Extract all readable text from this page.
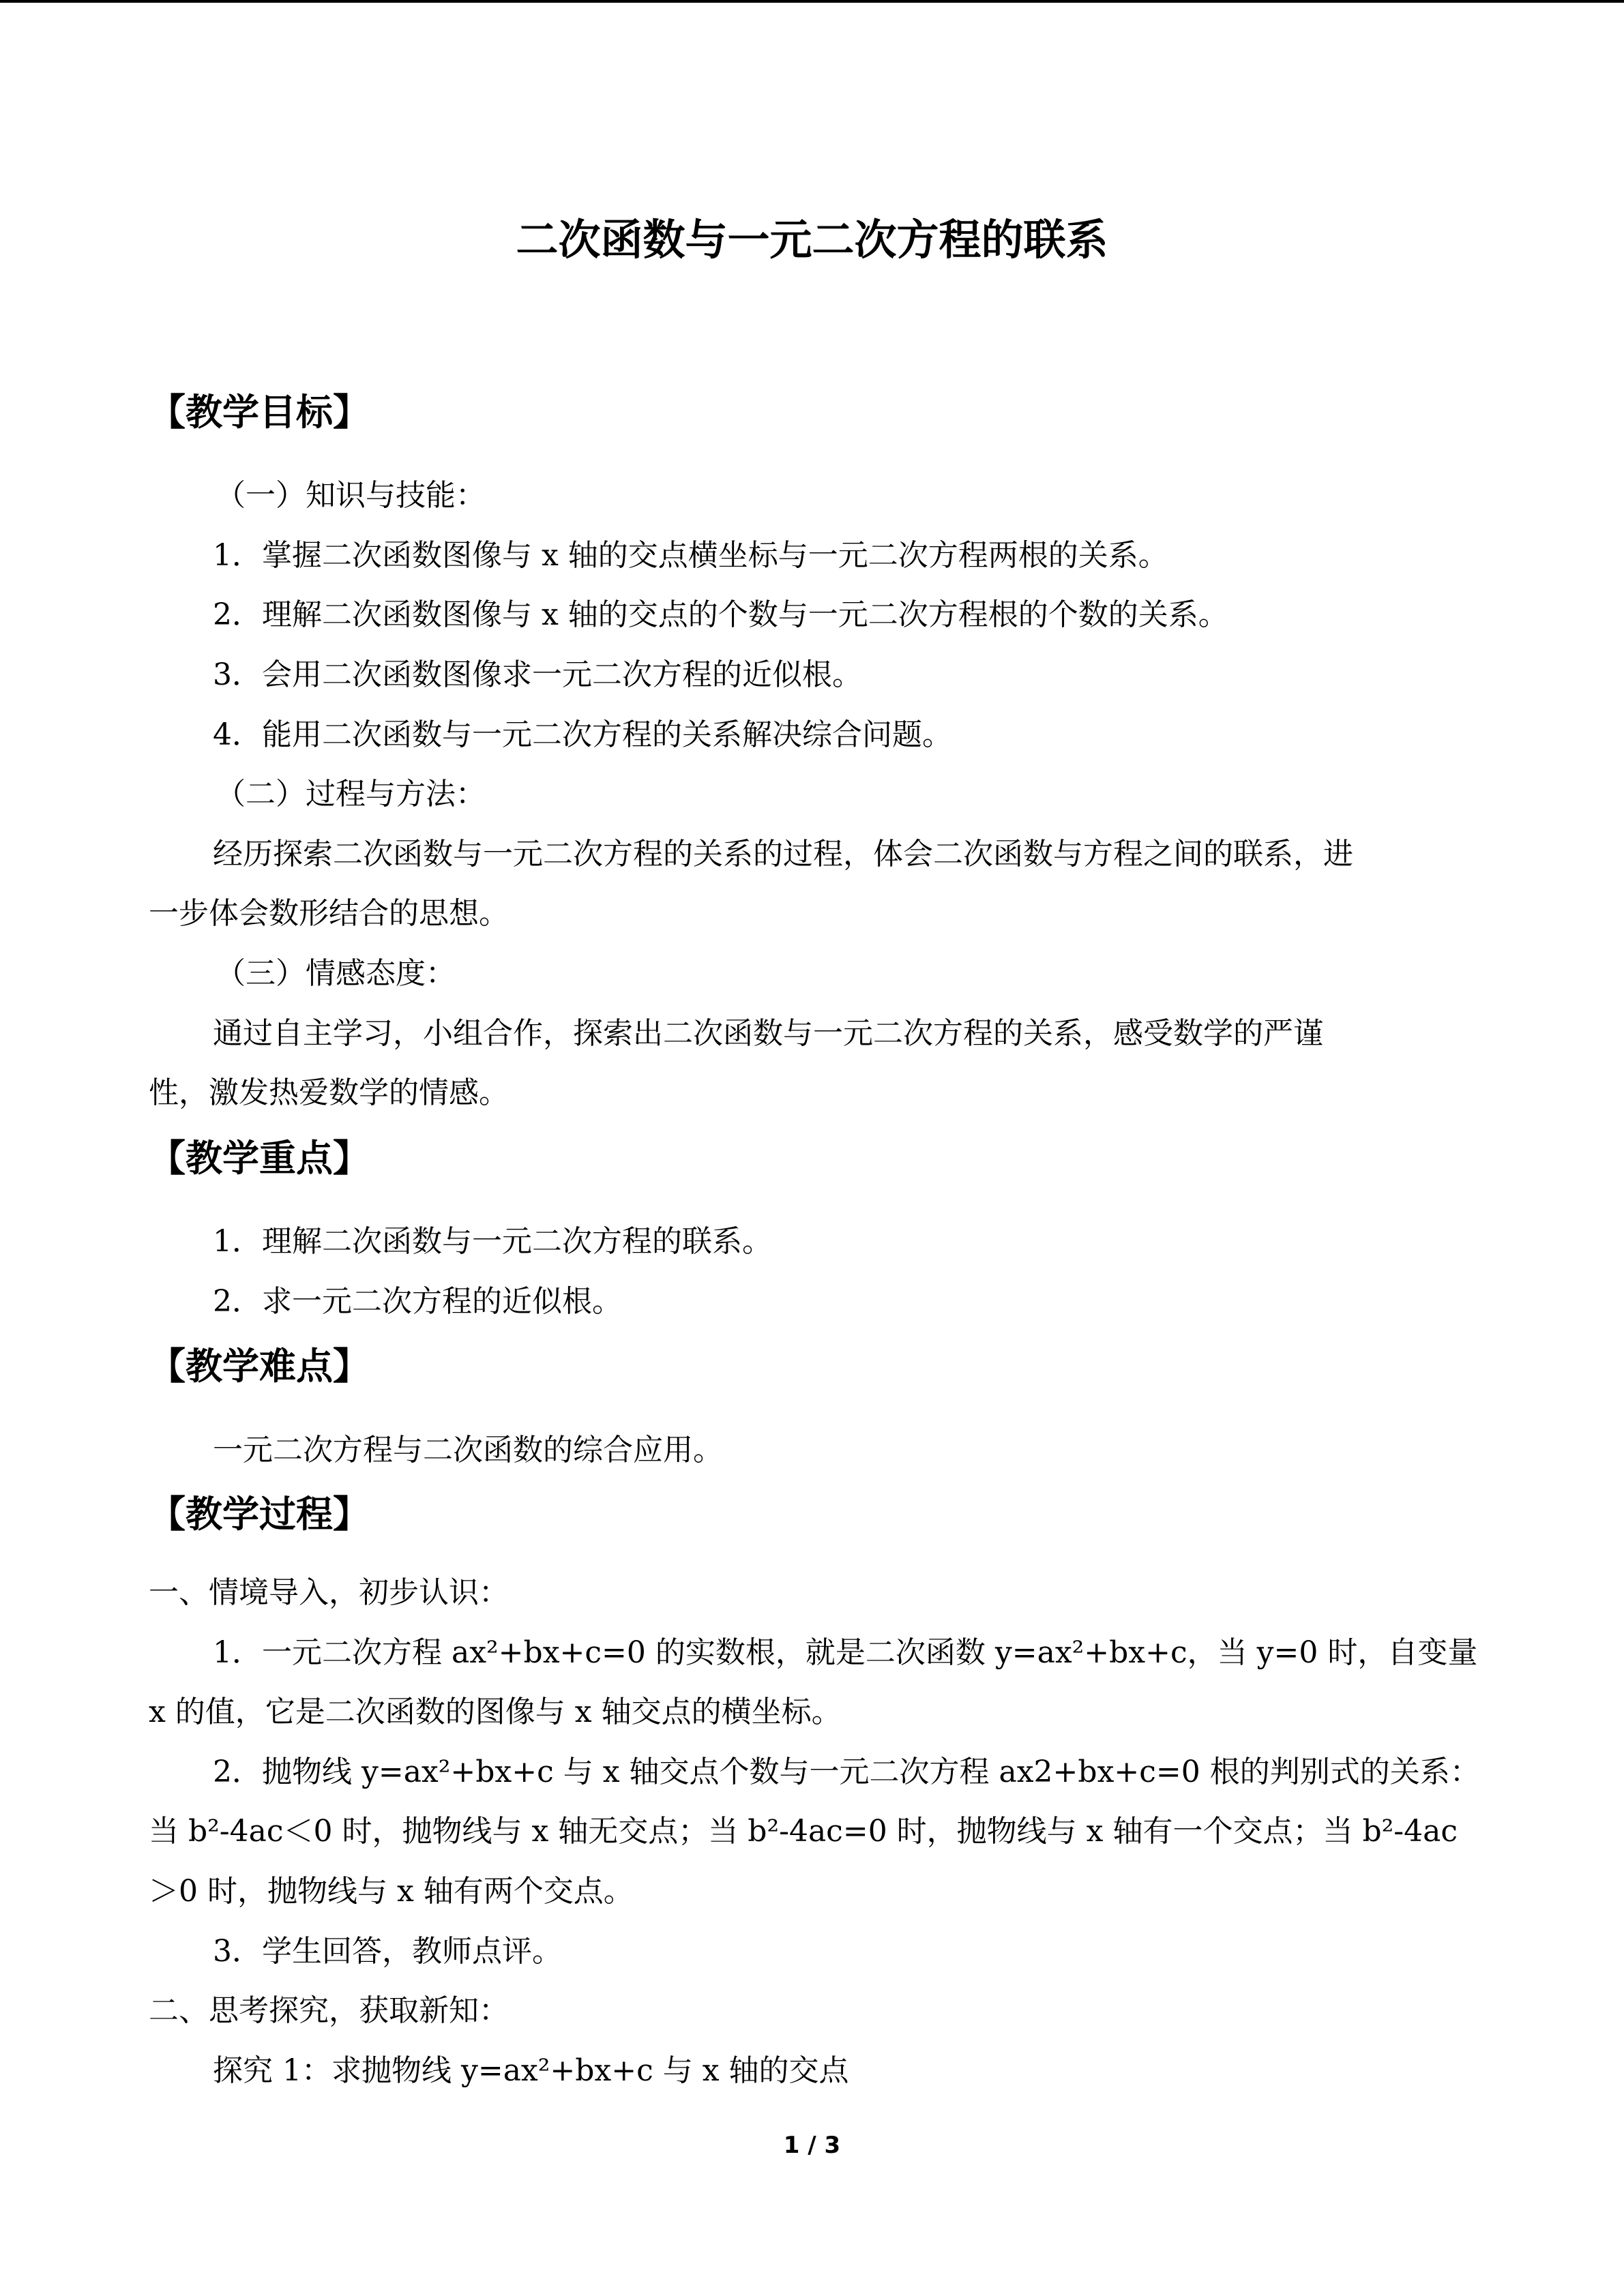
二次函数与一元二次方程的联系
【教学目标】
（一）知识与技能：
1．掌握二次函数图像与 x 轴的交点横坐标与一元二次方程两根的关系。
2．理解二次函数图像与 x 轴的交点的个数与一元二次方程根的个数的关系。
3．会用二次函数图像求一元二次方程的近似根。
4．能用二次函数与一元二次方程的关系解决综合问题。
（二）过程与方法：
经历探索二次函数与一元二次方程的关系的过程，体会二次函数与方程之间的联系，进
一步体会数形结合的思想。
（三）情感态度：
通过自主学习，小组合作，探索出二次函数与一元二次方程的关系，感受数学的严谨
性，激发热爱数学的情感。
【教学重点】
1．理解二次函数与一元二次方程的联系。
2．求一元二次方程的近似根。
【教学难点】
一元二次方程与二次函数的综合应用。
【教学过程】
一、情境导入，初步认识：
1．一元二次方程 ax²+bx+c=0 的实数根，就是二次函数 y=ax²+bx+c，当 y=0 时，自变量
x 的值，它是二次函数的图像与 x 轴交点的横坐标。
2．抛物线 y=ax²+bx+c 与 x 轴交点个数与一元二次方程 ax2+bx+c=0 根的判别式的关系：
当 b²-4ac＜0 时，抛物线与 x 轴无交点；当 b²-4ac=0 时，抛物线与 x 轴有一个交点；当 b²-4ac
＞0 时，抛物线与 x 轴有两个交点。
3．学生回答，教师点评。
二、思考探究，获取新知：
探究 1：求抛物线 y=ax²+bx+c 与 x 轴的交点
1 / 3
